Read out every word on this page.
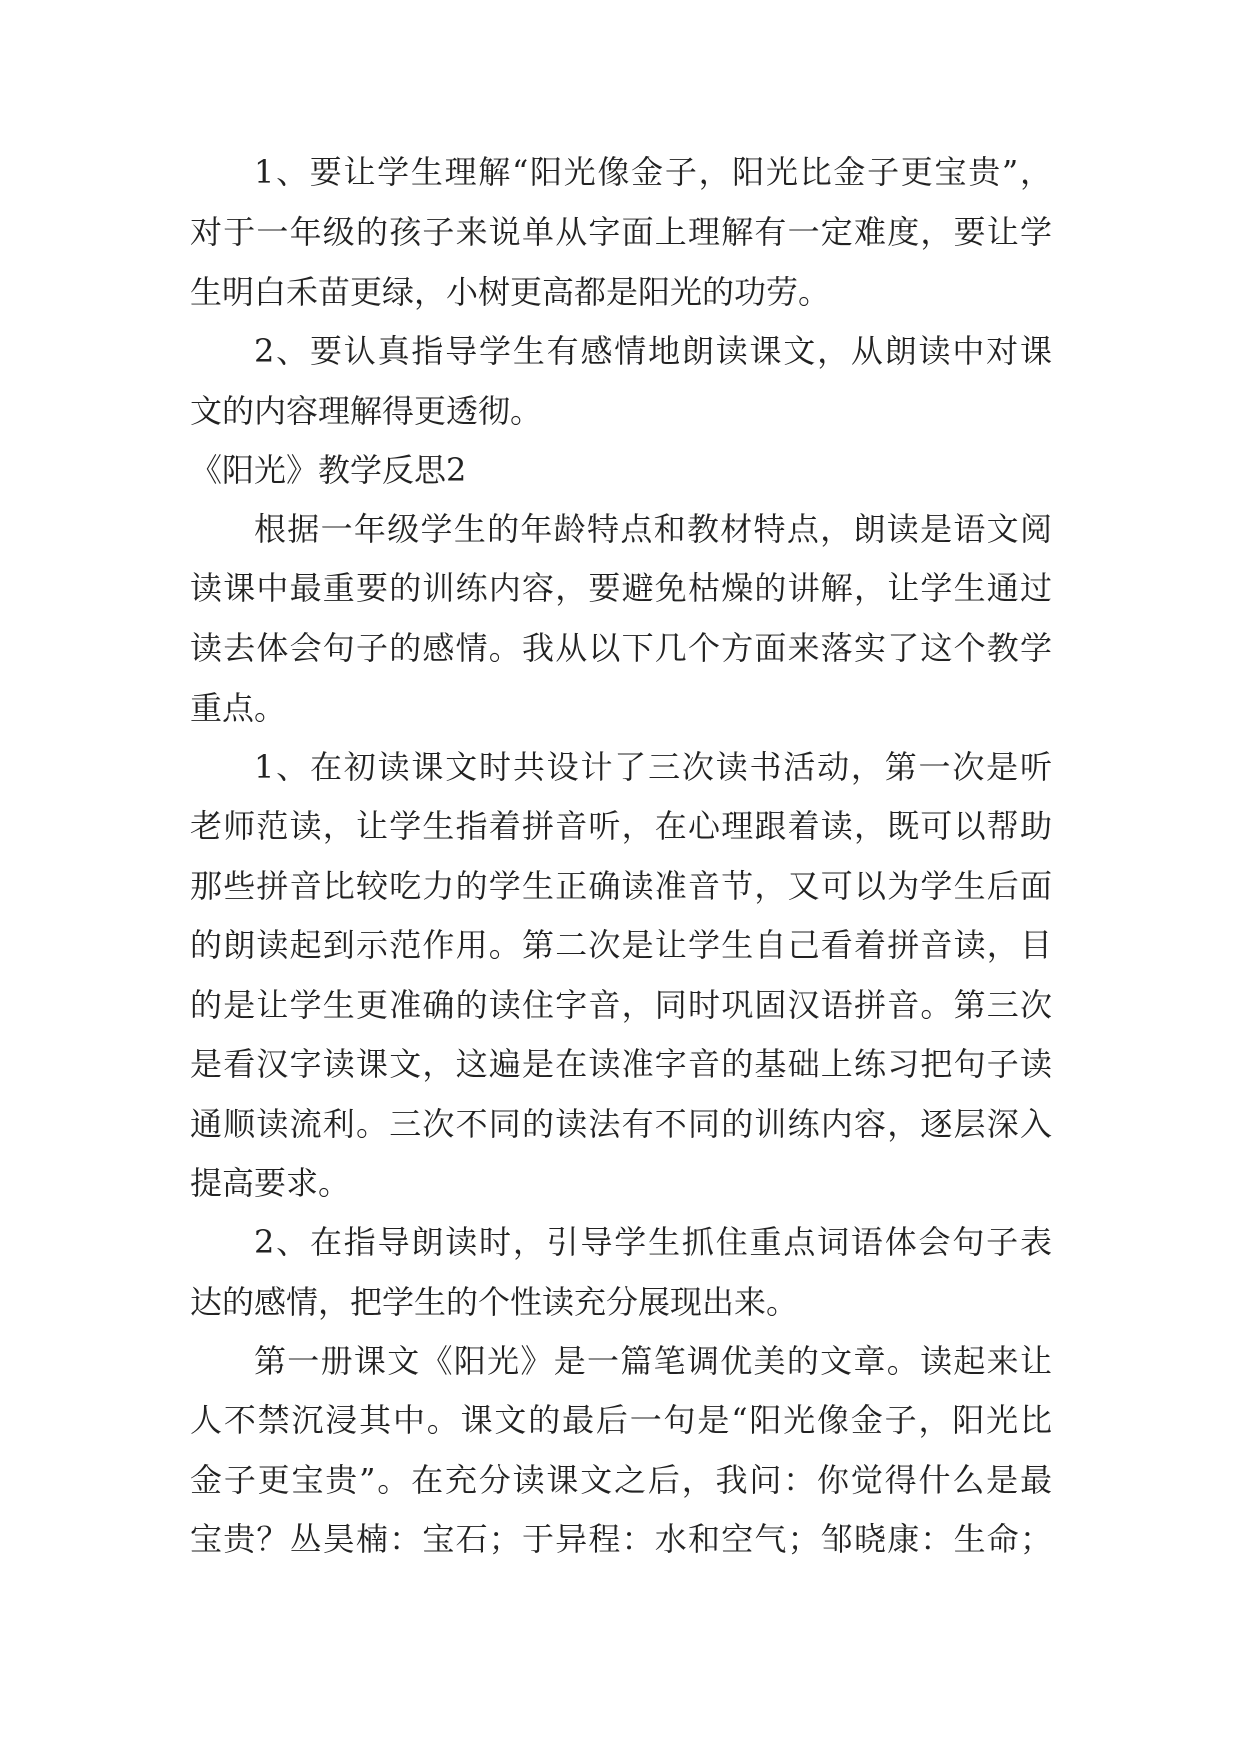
1、要让学生理解“阳光像金子，阳光比金子更宝贵”，
对于一年级的孩子来说单从字面上理解有一定难度，要让学
生明白禾苗更绿，小树更高都是阳光的功劳。
2、要认真指导学生有感情地朗读课文，从朗读中对课
文的内容理解得更透彻。
《阳光》教学反思2
根据一年级学生的年龄特点和教材特点，朗读是语文阅
读课中最重要的训练内容，要避免枯燥的讲解，让学生通过
读去体会句子的感情。我从以下几个方面来落实了这个教学
重点。
1、在初读课文时共设计了三次读书活动，第一次是听
老师范读，让学生指着拼音听，在心理跟着读，既可以帮助
那些拼音比较吃力的学生正确读准音节，又可以为学生后面
的朗读起到示范作用。第二次是让学生自己看着拼音读，目
的是让学生更准确的读住字音，同时巩固汉语拼音。第三次
是看汉字读课文，这遍是在读准字音的基础上练习把句子读
通顺读流利。三次不同的读法有不同的训练内容，逐层深入
提高要求。
2、在指导朗读时，引导学生抓住重点词语体会句子表
达的感情，把学生的个性读充分展现出来。
第一册课文《阳光》是一篇笔调优美的文章。读起来让
人不禁沉浸其中。课文的最后一句是“阳光像金子，阳光比
金子更宝贵”。在充分读课文之后，我问：你觉得什么是最
宝贵？丛昊楠：宝石；于异程：水和空气；邹晓康：生命；
